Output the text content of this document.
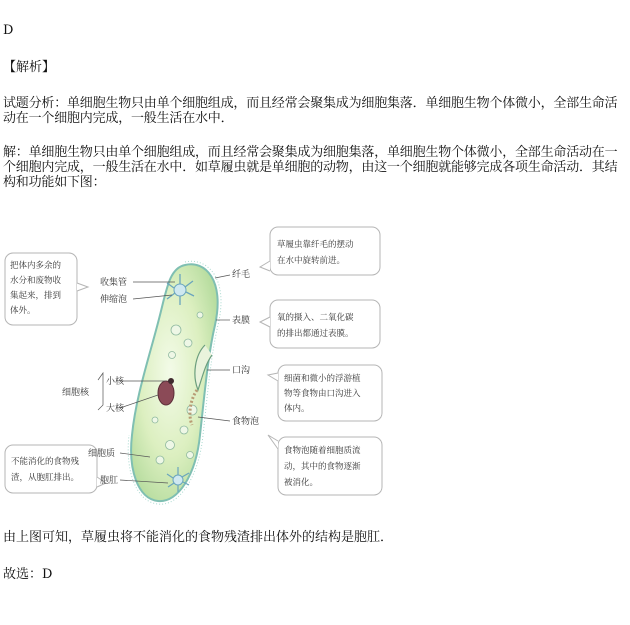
D
【解析】
试题分析：单细胞生物只由单个细胞组成，而且经常会聚集成为细胞集落．单细胞生物个体微小，全部生命活动在一个细胞内完成，一般生活在水中．
解：单细胞生物只由单个细胞组成，而且经常会聚集成为细胞集落，单细胞生物个体微小，全部生命活动在一个细胞内完成，一般生活在水中．如草履虫就是单细胞的动物，由这一个细胞就能够完成各项生命活动．其结构和功能如下图：
把体内多余的
水分和废物收
集起来，排到
体外。
草履虫靠纤毛的摆动
在水中旋转前进。
氧的摄入、二氧化碳
的排出都通过表膜。
细菌和微小的浮游植
物等食物由口沟进入
体内。
食物泡随着细胞质流
动，其中的食物逐渐
被消化。
不能消化的食物残
渣，从胞肛排出。
收集管
伸缩泡
纤毛
表膜
口沟
细胞核
小核
大核
食物泡
细胞质
胞肛
由上图可知，草履虫将不能消化的食物残渣排出体外的结构是胞肛．
故选：D
